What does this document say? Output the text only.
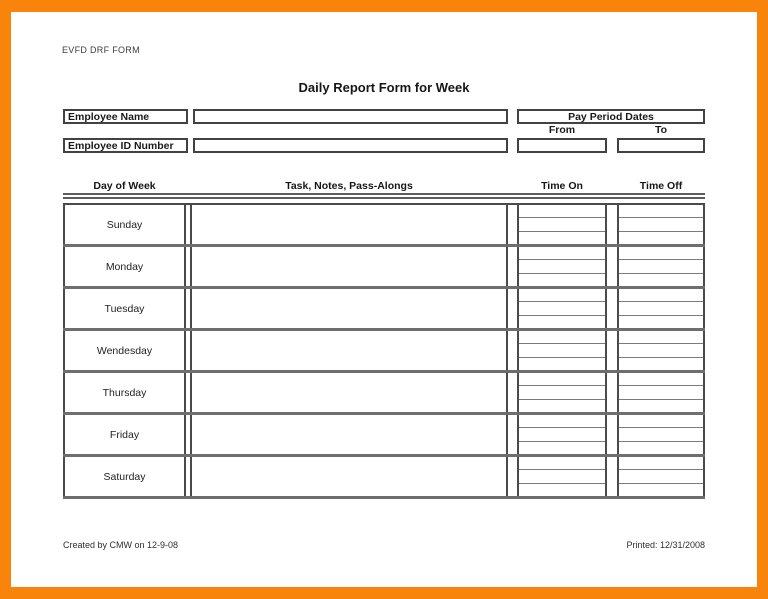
EVFD DRF FORM
Daily Report Form for Week
Employee Name	Pay Period Dates
From	To
Employee ID Number
Day of Week	Task, Notes, Pass-Alongs	Time On	Time Off
Sunday
Monday
Tuesday
Wendesday
Thursday
Friday
Saturday
Created by CMW on 12-9-08	Printed: 12/31/2008
